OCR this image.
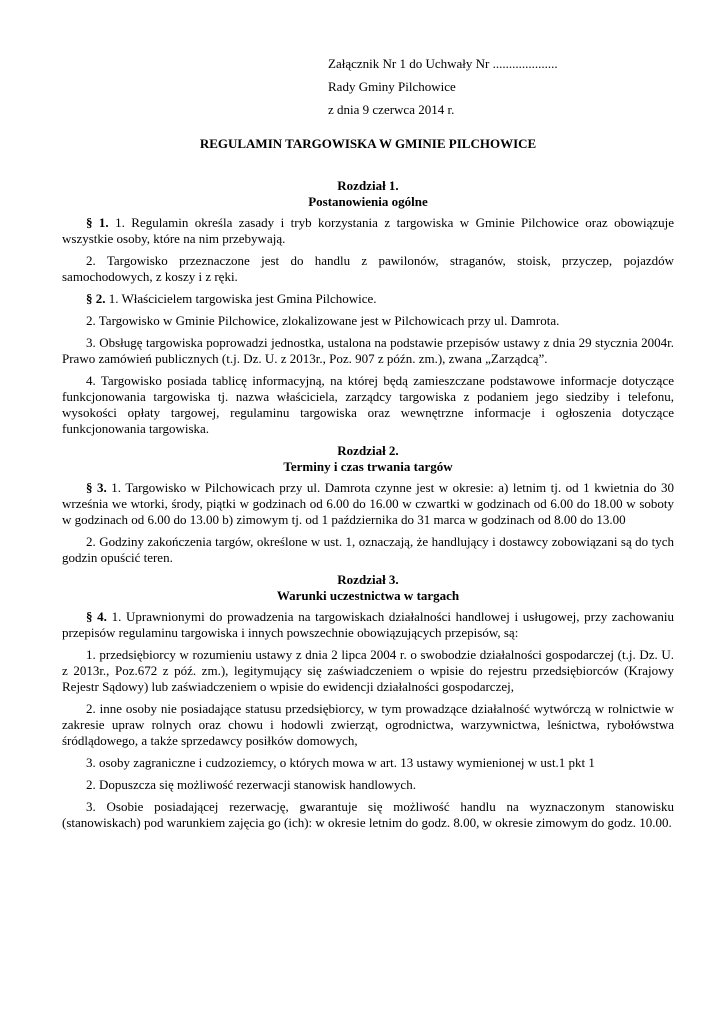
Załącznik Nr 1 do Uchwały Nr ....................

Rady Gminy Pilchowice

z dnia 9 czerwca 2014 r.

REGULAMIN TARGOWISKA W GMINIE PILCHOWICE

Rozdział 1.

Postanowienia ogólne

§ 1. 1. Regulamin określa zasady i tryb korzystania z targowiska w Gminie Pilchowice oraz obowiązuje wszystkie osoby, które na nim przebywają.

2. Targowisko przeznaczone jest do handlu z pawilonów, straganów, stoisk, przyczep, pojazdów samochodowych, z koszy i z ręki.

§ 2. 1. Właścicielem targowiska jest Gmina Pilchowice.

2. Targowisko w Gminie Pilchowice, zlokalizowane jest w Pilchowicach przy ul. Damrota.

3. Obsługę targowiska poprowadzi jednostka, ustalona na podstawie przepisów ustawy z dnia 29 stycznia 2004r. Prawo zamówień publicznych (t.j. Dz. U. z 2013r., Poz. 907 z późn. zm.), zwana „Zarządcą”.

4. Targowisko posiada tablicę informacyjną, na której będą zamieszczane podstawowe informacje dotyczące funkcjonowania targowiska tj. nazwa właściciela, zarządcy targowiska z podaniem jego siedziby i telefonu, wysokości opłaty targowej, regulaminu targowiska oraz wewnętrzne informacje i ogłoszenia dotyczące funkcjonowania targowiska.

Rozdział 2.

Terminy i czas trwania targów

§ 3. 1. Targowisko w Pilchowicach przy ul. Damrota czynne jest w okresie: a) letnim tj. od 1 kwietnia do 30 września we wtorki, środy, piątki w godzinach od 6.00 do 16.00 w czwartki w godzinach od 6.00 do 18.00 w soboty w godzinach od 6.00 do 13.00 b) zimowym tj. od 1 października do 31 marca w godzinach od 8.00 do 13.00

2. Godziny zakończenia targów, określone w ust. 1, oznaczają, że handlujący i dostawcy zobowiązani są do tych godzin opuścić teren.

Rozdział 3.

Warunki uczestnictwa w targach

§ 4. 1. Uprawnionymi do prowadzenia na targowiskach działalności handlowej i usługowej, przy zachowaniu przepisów regulaminu targowiska i innych powszechnie obowiązujących przepisów, są:

1. przedsiębiorcy w rozumieniu ustawy z dnia 2 lipca 2004 r. o swobodzie działalności gospodarczej (t.j. Dz. U. z 2013r., Poz.672 z póź. zm.), legitymujący się zaświadczeniem o wpisie do rejestru przedsiębiorców (Krajowy Rejestr Sądowy) lub zaświadczeniem o wpisie do ewidencji działalności gospodarczej,

2. inne osoby nie posiadające statusu przedsiębiorcy, w tym prowadzące działalność wytwórczą w rolnictwie w zakresie upraw rolnych oraz chowu i hodowli zwierząt, ogrodnictwa, warzywnictwa, leśnictwa, rybołówstwa śródlądowego, a także sprzedawcy posiłków domowych,

3. osoby zagraniczne i cudzoziemcy, o których mowa w art. 13 ustawy wymienionej w ust.1 pkt 1

2. Dopuszcza się możliwość rezerwacji stanowisk handlowych.

3. Osobie posiadającej rezerwację, gwarantuje się możliwość handlu na wyznaczonym stanowisku (stanowiskach) pod warunkiem zajęcia go (ich): w okresie letnim do godz. 8.00, w okresie zimowym do godz. 10.00.
